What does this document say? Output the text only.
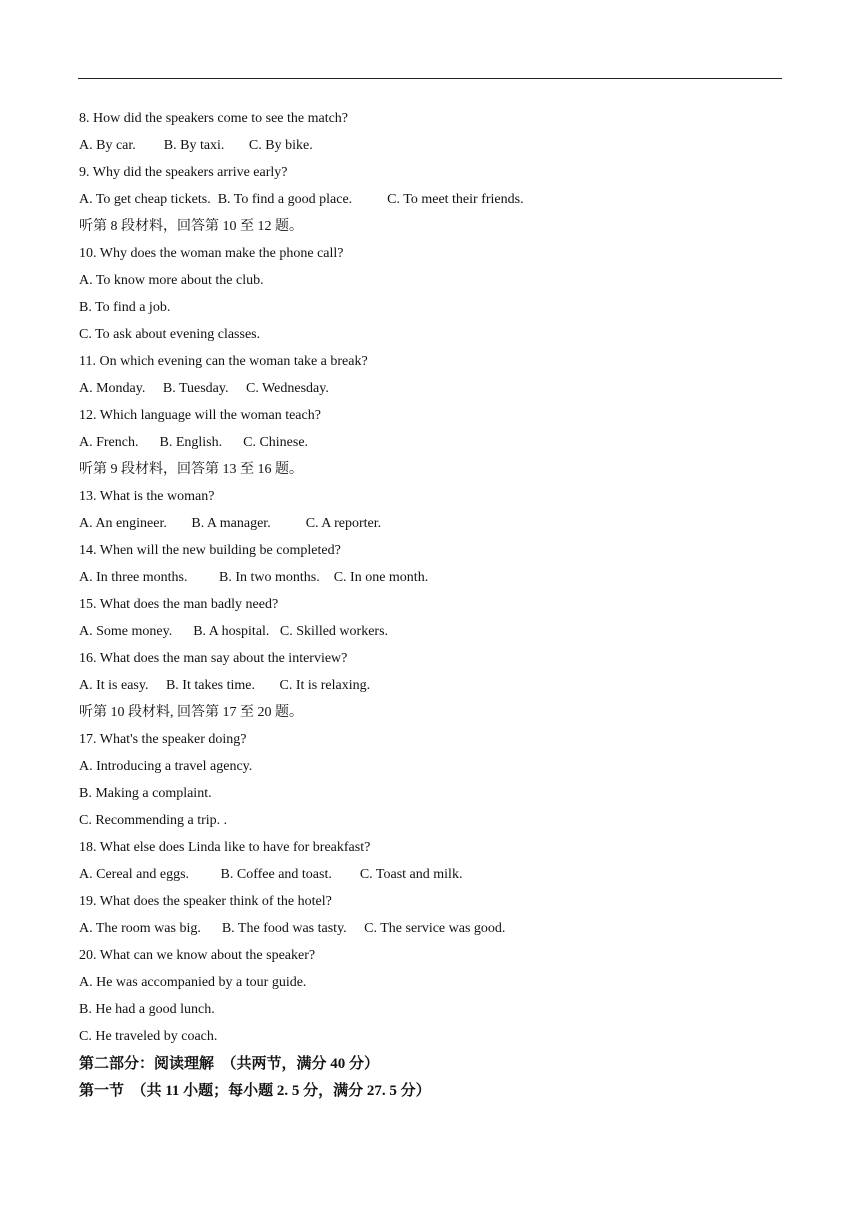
8. How did the speakers come to see the match?
A. By car.        B. By taxi.       C. By bike.
9. Why did the speakers arrive early?
A. To get cheap tickets.  B. To find a good place.          C. To meet their friends.
听第 8 段材料，回答第 10 至 12 题。
10. Why does the woman make the phone call?
A. To know more about the club.
B. To find a job.
C. To ask about evening classes.
11. On which evening can the woman take a break?
A. Monday.     B. Tuesday.     C. Wednesday.
12. Which language will the woman teach?
A. French.      B. English.      C. Chinese.
听第 9 段材料，回答第 13 至 16 题。
13. What is the woman?
A. An engineer.       B. A manager.          C. A reporter.
14. When will the new building be completed?
A. In three months.         B. In two months.    C. In one month.
15. What does the man badly need?
A. Some money.      B. A hospital.   C. Skilled workers.
16. What does the man say about the interview?
A. It is easy.     B. It takes time.       C. It is relaxing.
听第 10 段材料, 回答第 17 至 20 题。
17. What's the speaker doing?
A. Introducing a travel agency.
B. Making a complaint.
C. Recommending a trip. .
18. What else does Linda like to have for breakfast?
A. Cereal and eggs.         B. Coffee and toast.        C. Toast and milk.
19. What does the speaker think of the hotel?
A. The room was big.      B. The food was tasty.     C. The service was good.
20. What can we know about the speaker?
A. He was accompanied by a tour guide.
B. He had a good lunch.
C. He traveled by coach.
第二部分：阅读理解  （共两节，满分 40 分）
第一节  （共 11 小题；每小题 2. 5 分，满分 27. 5 分）
